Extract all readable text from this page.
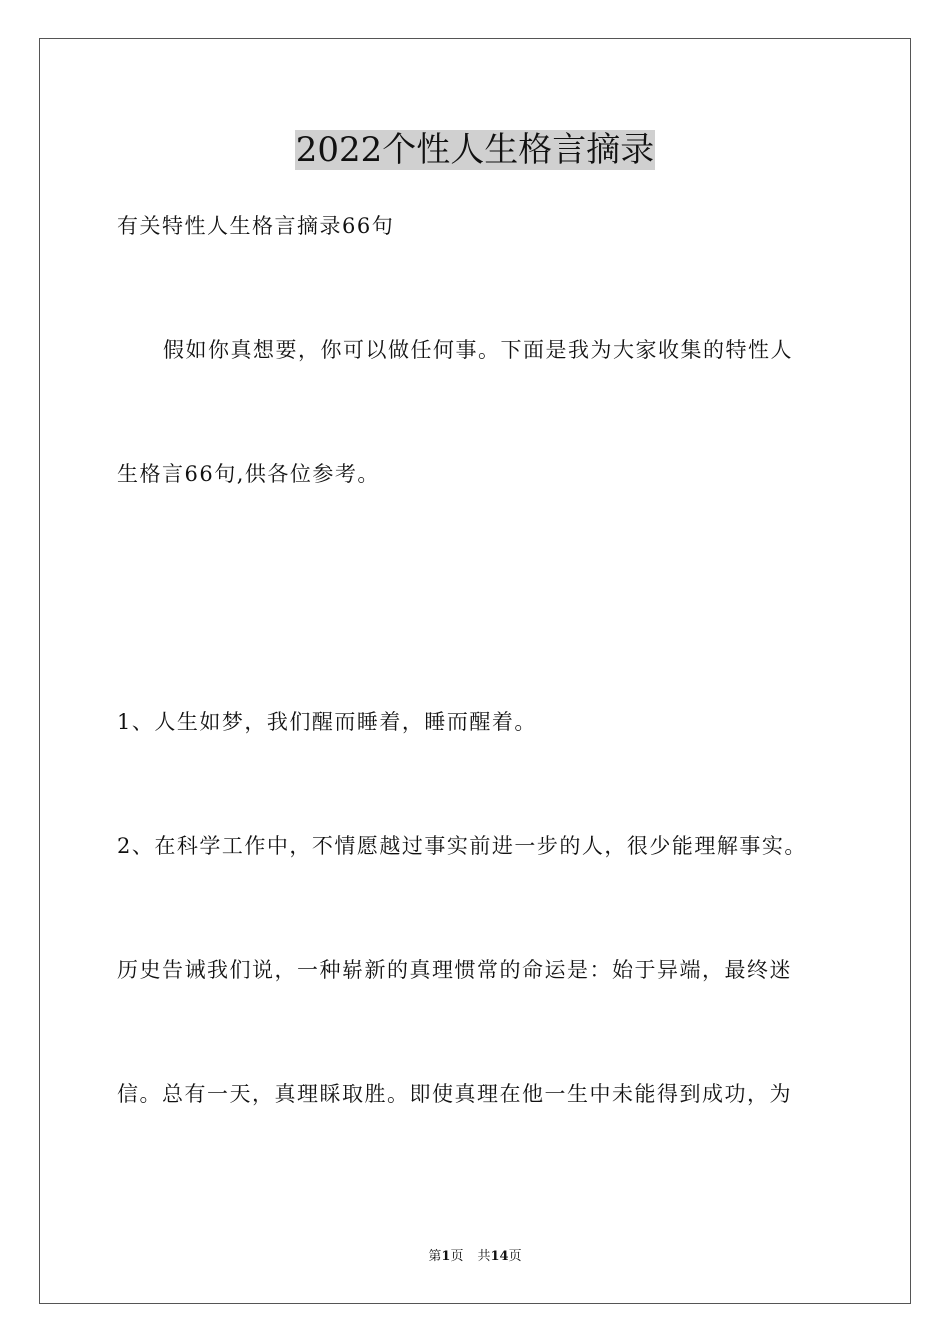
2022个性人生格言摘录
有关特性人生格言摘录66句
假如你真想要，你可以做任何事。下面是我为大家收集的特性人
生格言66句,供各位参考。
1、人生如梦，我们醒而睡着，睡而醒着。
2、在科学工作中，不情愿越过事实前进一步的人，很少能理解事实。
历史告诫我们说，一种崭新的真理惯常的命运是：始于异端，最终迷
信。总有一天，真理睬取胜。即使真理在他一生中未能得到成功，为
第1页 共14页
